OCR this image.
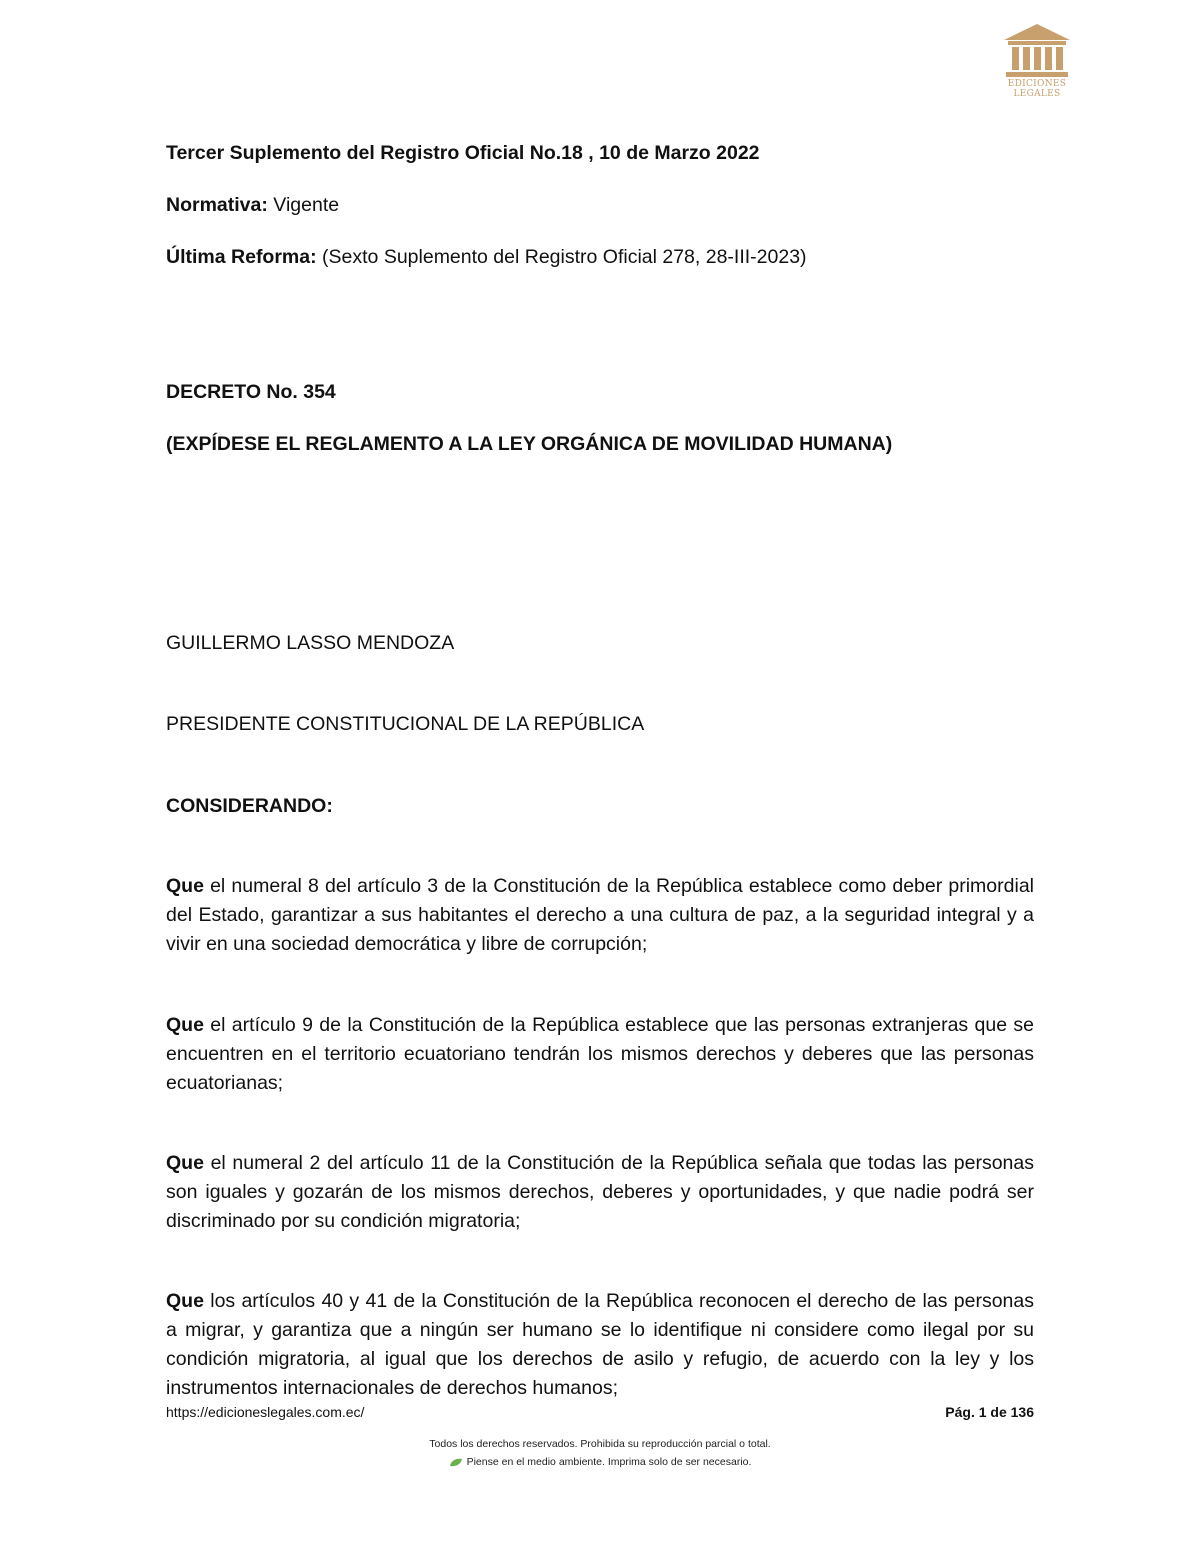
EDICIONES
LEGALES
Tercer Suplemento del Registro Oficial No.18 , 10 de Marzo 2022
Normativa: Vigente
Última Reforma: (Sexto Suplemento del Registro Oficial 278, 28-III-2023)
DECRETO No. 354
(EXPÍDESE EL REGLAMENTO A LA LEY ORGÁNICA DE MOVILIDAD HUMANA)
GUILLERMO LASSO MENDOZA
PRESIDENTE CONSTITUCIONAL DE LA REPÚBLICA
CONSIDERANDO:
Que el numeral 8 del artículo 3 de la Constitución de la República establece como deber primordial del Estado, garantizar a sus habitantes el derecho a una cultura de paz, a la seguridad integral y a vivir en una sociedad democrática y libre de corrupción;
Que el artículo 9 de la Constitución de la República establece que las personas extranjeras que se encuentren en el territorio ecuatoriano tendrán los mismos derechos y deberes que las personas ecuatorianas;
Que el numeral 2 del artículo 11 de la Constitución de la República señala que todas las personas son iguales y gozarán de los mismos derechos, deberes y oportunidades, y que nadie podrá ser discriminado por su condición migratoria;
Que los artículos 40 y 41 de la Constitución de la República reconocen el derecho de las personas a migrar, y garantiza que a ningún ser humano se lo identifique ni considere como ilegal por su condición migratoria, al igual que los derechos de asilo y refugio, de acuerdo con la ley y los instrumentos internacionales de derechos humanos;
https://edicioneslegales.com.ec/	Pág. 1 de 136
Todos los derechos reservados. Prohibida su reproducción parcial o total.
Piense en el medio ambiente. Imprima solo de ser necesario.
